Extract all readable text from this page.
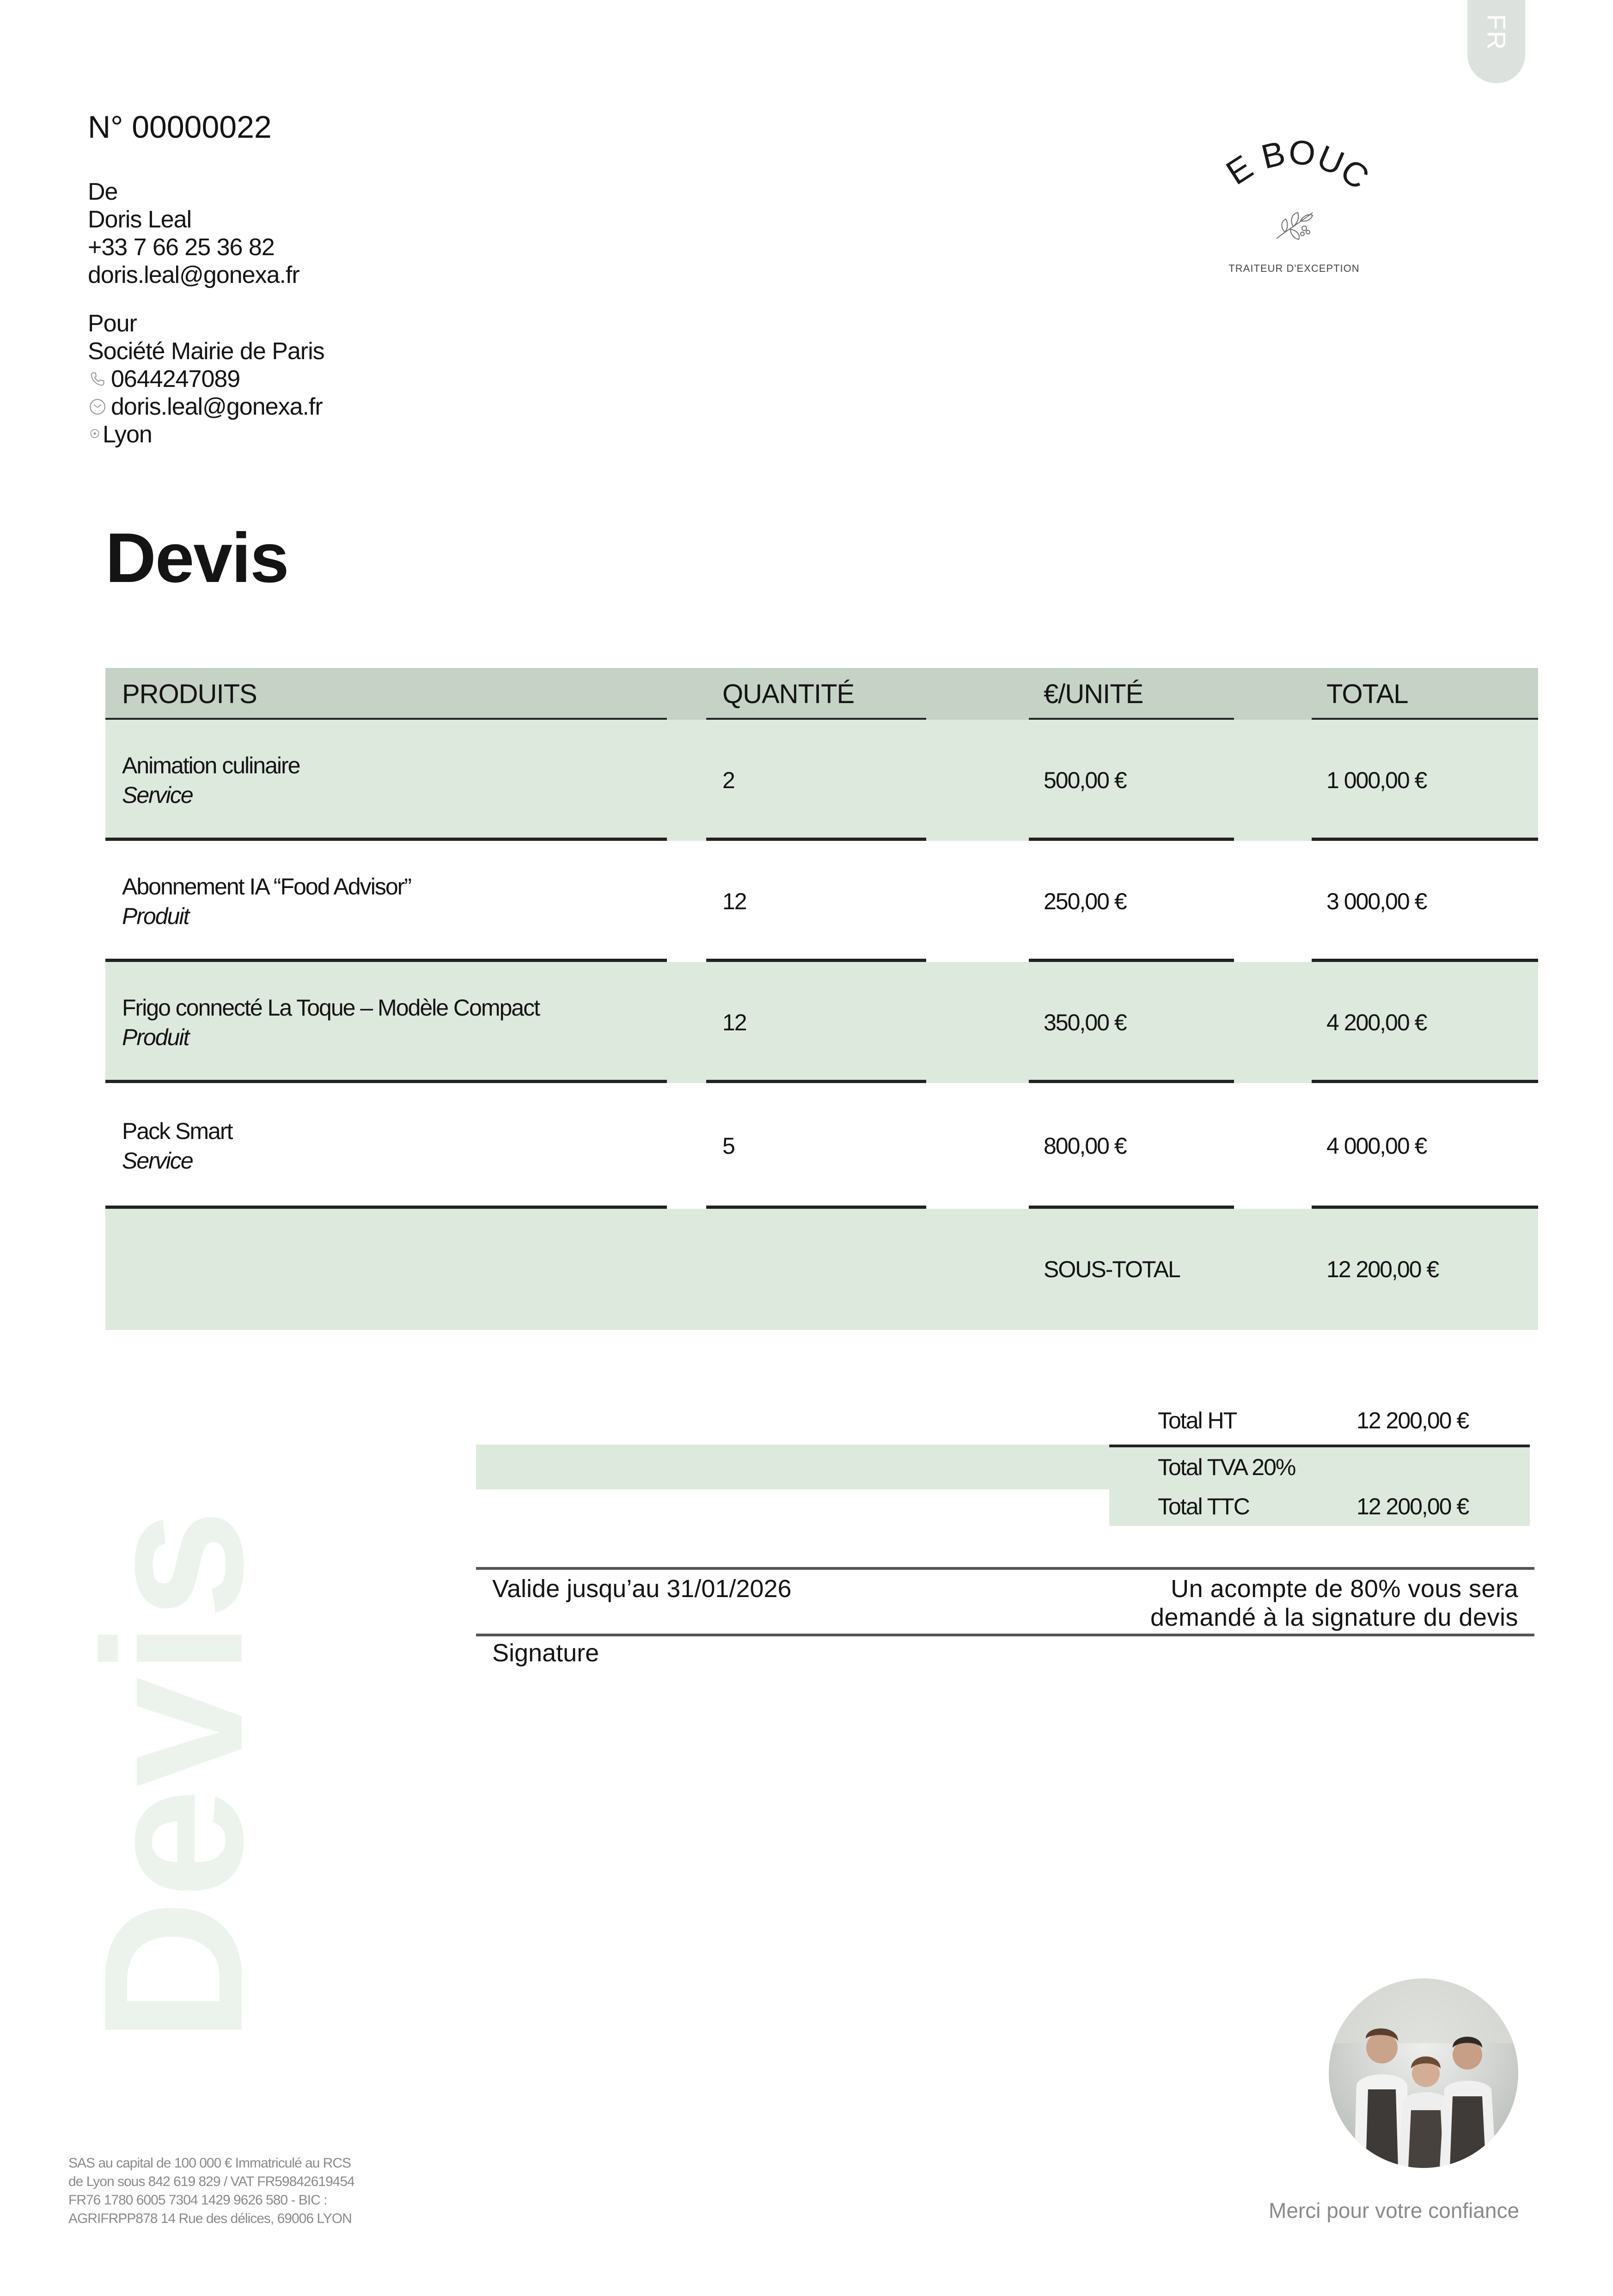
FR
N° 00000022
De
Doris Leal
+33 7 66 25 36 82
doris.leal@gonexa.fr
Pour
Société Mairie de Paris
0644247089
doris.leal@gonexa.fr
Lyon
E BOUC
TRAITEUR D'EXCEPTION
Devis
PRODUITS	QUANTITÉ	€/UNITÉ	TOTAL
Animation culinaire
Service
2	500,00 €	1 000,00 €
Abonnement IA “Food Advisor”
Produit
12	250,00 €	3 000,00 €
Frigo connecté La Toque – Modèle Compact
Produit
12	350,00 €	4 200,00 €
Pack Smart
Service
5	800,00 €	4 000,00 €
SOUS-TOTAL	12 200,00 €
Total HT	12 200,00 €
Total TVA 20%
Total TTC	12 200,00 €
Valide jusqu’au 31/01/2026	Un acompte de 80% vous sera
demandé à la signature du devis
Signature
Devis
SAS au capital de 100 000 € Immatriculé au RCS
de Lyon sous 842 619 829 / VAT FR59842619454
FR76 1780 6005 7304 1429 9626 580 - BIC :
AGRIFRPP878 14 Rue des délices, 69006 LYON	Merci pour votre confiance
